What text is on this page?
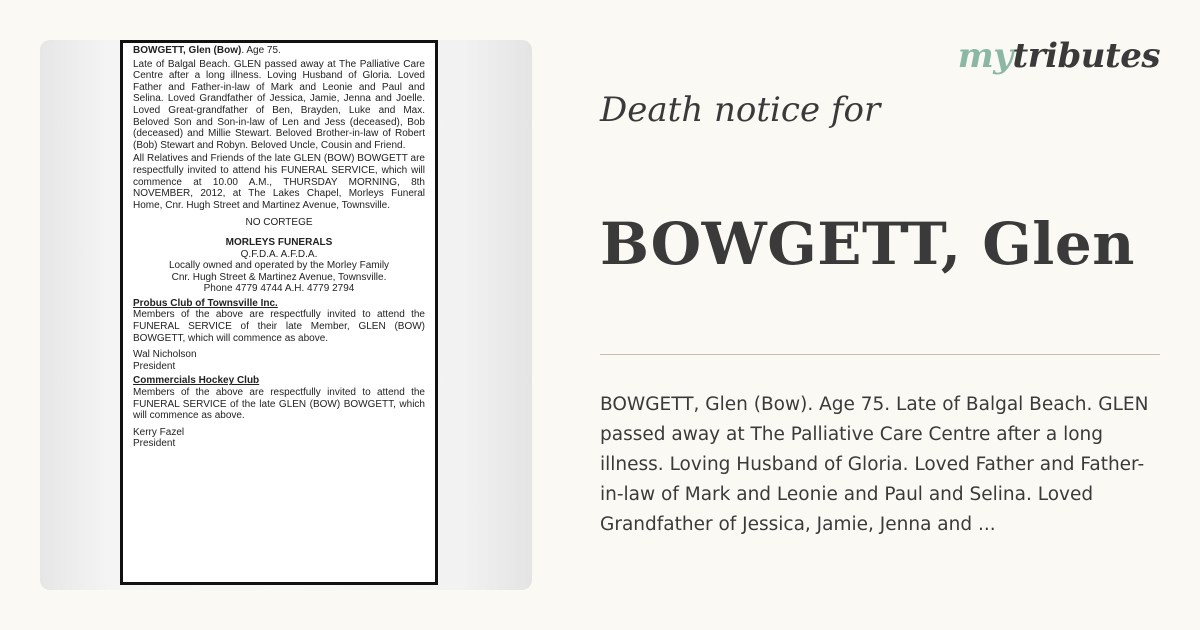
BOWGETT, Glen (Bow). Age 75.

Late of Balgal Beach. GLEN passed away at The Palliative Care Centre after a long illness. Loving Husband of Gloria. Loved Father and Father-in-law of Mark and Leonie and Paul and Selina. Loved Grandfather of Jessica, Jamie, Jenna and Joelle. Loved Great-grandfather of Ben, Brayden, Luke and Max. Beloved Son and Son-in-law of Len and Jess (deceased), Bob (deceased) and Millie Stewart. Beloved Brother-in-law of Robert (Bob) Stewart and Robyn. Beloved Uncle, Cousin and Friend.

All Relatives and Friends of the late GLEN (BOW) BOWGETT are respectfully invited to attend his FUNERAL SERVICE, which will commence at 10.00 A.M., THURSDAY MORNING, 8th NOVEMBER, 2012, at The Lakes Chapel, Morleys Funeral Home, Cnr. Hugh Street and Martinez Avenue, Townsville.

NO CORTEGE

MORLEYS FUNERALS

Q.F.D.A. A.F.D.A.

Locally owned and operated by the Morley Family

Cnr. Hugh Street & Martinez Avenue, Townsville.

Phone 4779 4744 A.H. 4779 2794

Probus Club of Townsville Inc.

Members of the above are respectfully invited to attend the FUNERAL SERVICE of their late Member, GLEN (BOW) BOWGETT, which will commence as above.

Wal Nicholson

President

Commercials Hockey Club

Members of the above are respectfully invited to attend the FUNERAL SERVICE of the late GLEN (BOW) BOWGETT, which will commence as above.

Kerry Fazel

President

mytributes
Death notice for
BOWGETT, Glen
BOWGETT, Glen (Bow). Age 75. Late of Balgal Beach. GLEN passed away at The Palliative Care Centre after a long illness. Loving Husband of Gloria. Loved Father and Father-in-law of Mark and Leonie and Paul and Selina. Loved Grandfather of Jessica, Jamie, Jenna and ...
